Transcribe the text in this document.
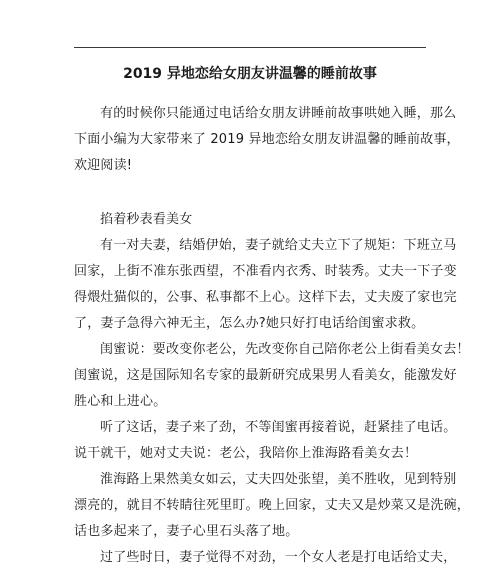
2019 异地恋给女朋友讲温馨的睡前故事
有的时候你只能通过电话给女朋友讲睡前故事哄她入睡，那么
下面小编为大家带来了 2019 异地恋给女朋友讲温馨的睡前故事，
欢迎阅读!
掐着秒表看美女
有一对夫妻，结婚伊始，妻子就给丈夫立下了规矩：下班立马
回家，上街不准东张西望，不准看内衣秀、时装秀。丈夫一下子变
得煨灶猫似的，公事、私事都不上心。这样下去，丈夫废了家也完
了，妻子急得六神无主，怎么办?她只好打电话给闺蜜求救。
闺蜜说：要改变你老公，先改变你自己陪你老公上街看美女去！
闺蜜说，这是国际知名专家的最新研究成果男人看美女，能激发好
胜心和上进心。
听了这话，妻子来了劲，不等闺蜜再接着说，赶紧挂了电话。
说干就干，她对丈夫说：老公，我陪你上淮海路看美女去！
淮海路上果然美女如云，丈夫四处张望，美不胜收，见到特别
漂亮的，就目不转睛往死里盯。晚上回家，丈夫又是炒菜又是洗碗，
话也多起来了，妻子心里石头落了地。
过了些时日，妻子觉得不对劲，一个女人老是打电话给丈夫，
